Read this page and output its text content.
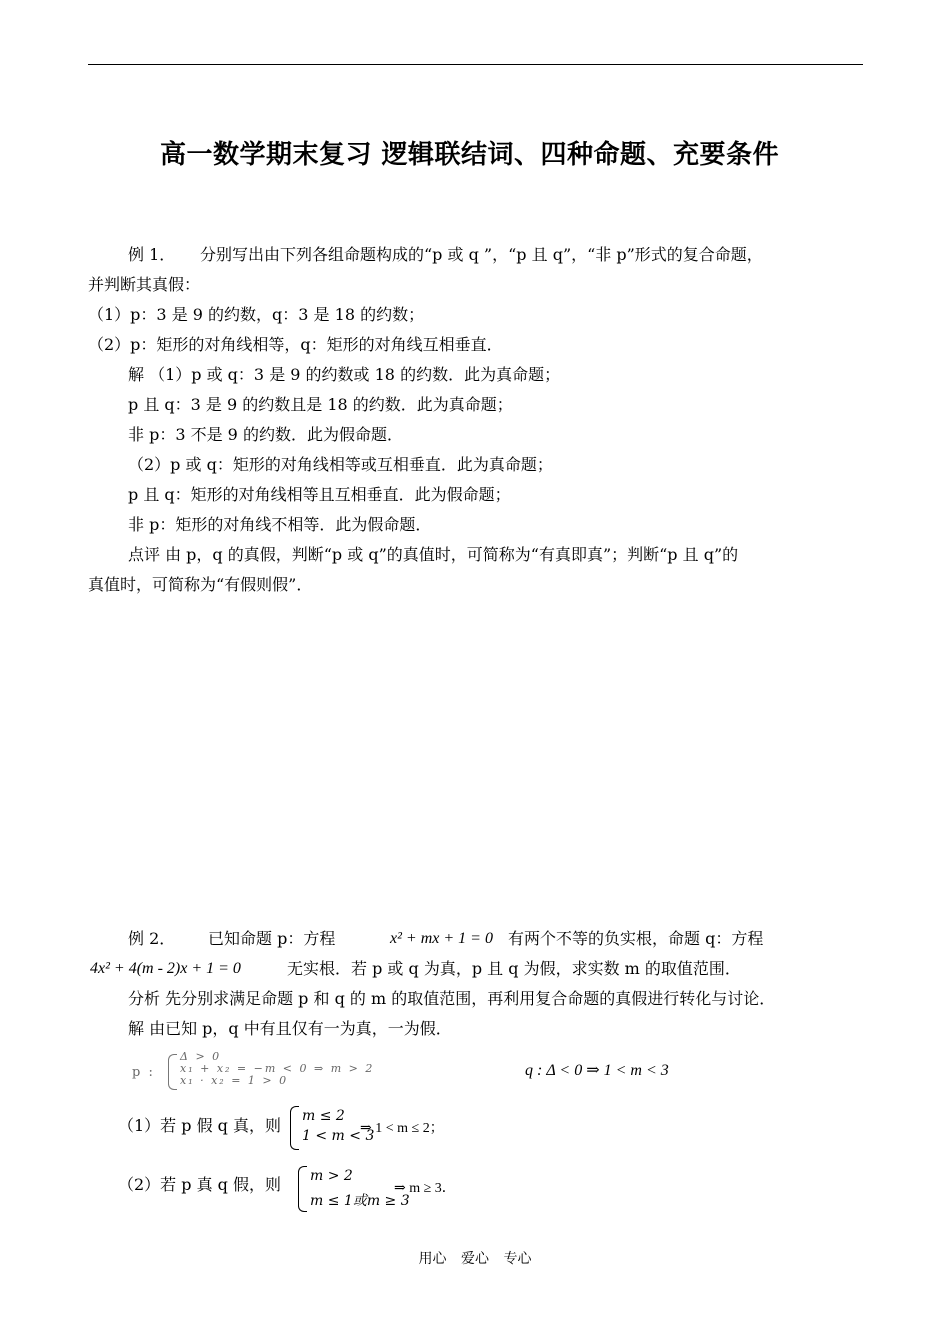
高一数学期末复习 逻辑联结词、四种命题、充要条件
例 1． 分别写出由下列各组命题构成的“p 或 q ”，“p 且 q”，“非 p”形式的复合命题，
并判断其真假：
（1）p：3 是 9 的约数，q：3 是 18 的约数；
（2）p：矩形的对角线相等，q：矩形的对角线互相垂直．
解 （1）p 或 q：3 是 9 的约数或 18 的约数．此为真命题；
p 且 q：3 是 9 的约数且是 18 的约数．此为真命题；
非 p：3 不是 9 的约数．此为假命题．
（2）p 或 q：矩形的对角线相等或互相垂直．此为真命题；
p 且 q：矩形的对角线相等且互相垂直．此为假命题；
非 p：矩形的对角线不相等．此为假命题．
点评 由 p，q 的真假，判断“p 或 q”的真值时，可简称为“有真即真”；判断“p 且 q”的
真值时，可简称为“有假则假”．
例 2． 已知命题 p：方程	x² + mx + 1 = 0 有两个不等的负实根，命题 q：方程
4x² + 4(m - 2)x + 1 = 0	无实根．若 p 或 q 为真，p 且 q 为假，求实数 m 的取值范围．
分析 先分别求满足命题 p 和 q 的 m 的取值范围，再利用复合命题的真假进行转化与讨论．
解 由已知 p，q 中有且仅有一为真，一为假．
p :
Δ > 0
x₁ + x₂ = −m < 0 ⇒ m > 2
x₁ · x₂ = 1 > 0
q : Δ < 0 ⇒ 1 < m < 3
（1）若 p 假 q 真，则 m ≤ 2
1 < m < 3
⇒ 1 < m ≤ 2；
（2）若 p 真 q 假，则 m > 2
m ≤ 1或m ≥ 3
⇒ m ≥ 3．
用心 爱心 专心
